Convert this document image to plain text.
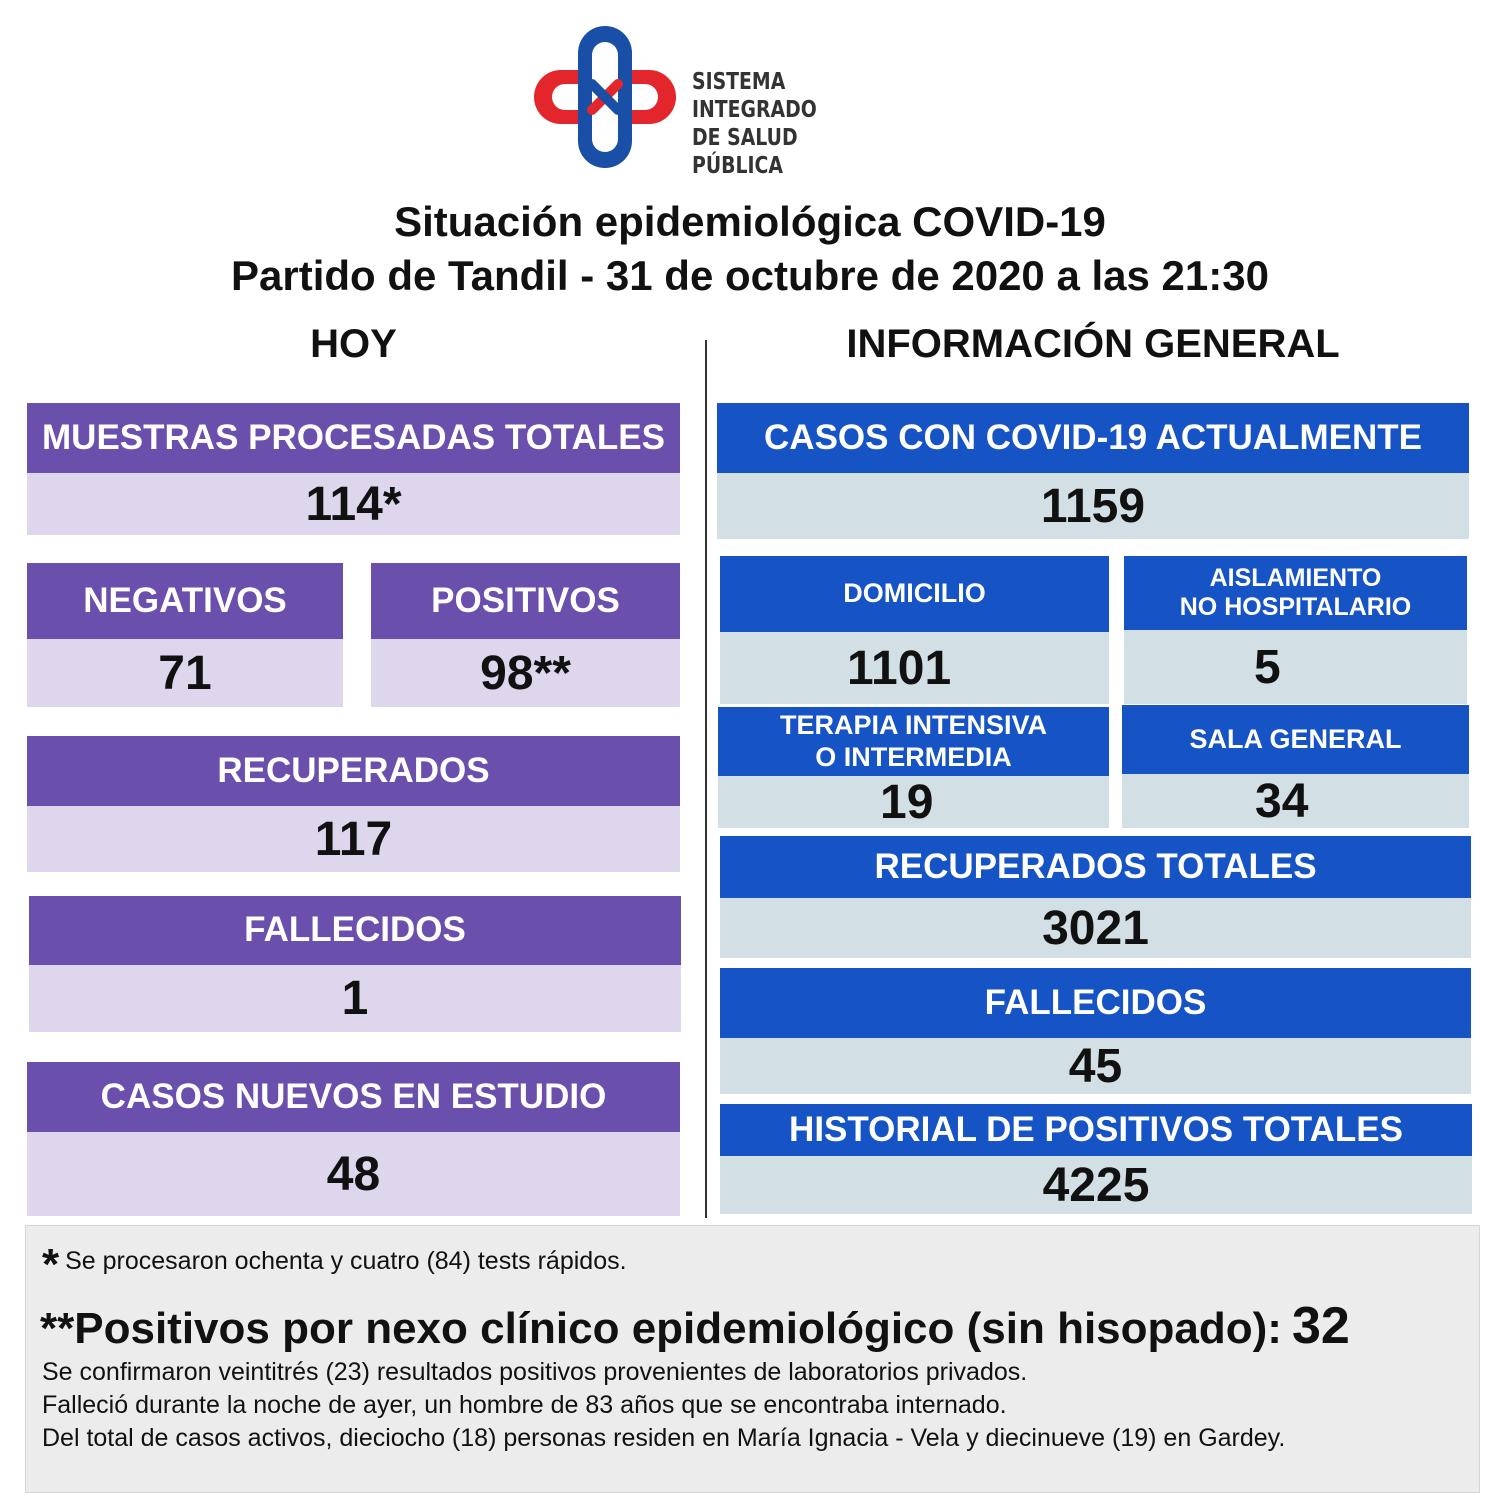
SISTEMA INTEGRADO
DE SALUD PÚBLICA
Situación epidemiológica COVID-19
Partido de Tandil - 31 de octubre de 2020 a las 21:30
HOY	INFORMACIÓN GENERAL
MUESTRAS PROCESADAS TOTALES
114*
NEGATIVOS
71
POSITIVOS
98**
RECUPERADOS
117
FALLECIDOS
1
CASOS NUEVOS EN ESTUDIO
48
CASOS CON COVID-19 ACTUALMENTE
1159
DOMICILIO
1101
AISLAMIENTO
NO HOSPITALARIO
5
TERAPIA INTENSIVA
O INTERMEDIA
19
SALA GENERAL
34
RECUPERADOS TOTALES
3021
FALLECIDOS
45
HISTORIAL DE POSITIVOS TOTALES
4225
* Se procesaron ochenta y cuatro (84) tests rápidos.
**Positivos por nexo clínico epidemiológico (sin hisopado): 32
Se confirmaron veintitrés (23) resultados positivos provenientes de laboratorios privados.
Falleció durante la noche de ayer, un hombre de 83 años que se encontraba internado.
Del total de casos activos, dieciocho (18) personas residen en María Ignacia - Vela y diecinueve (19) en Gardey.
